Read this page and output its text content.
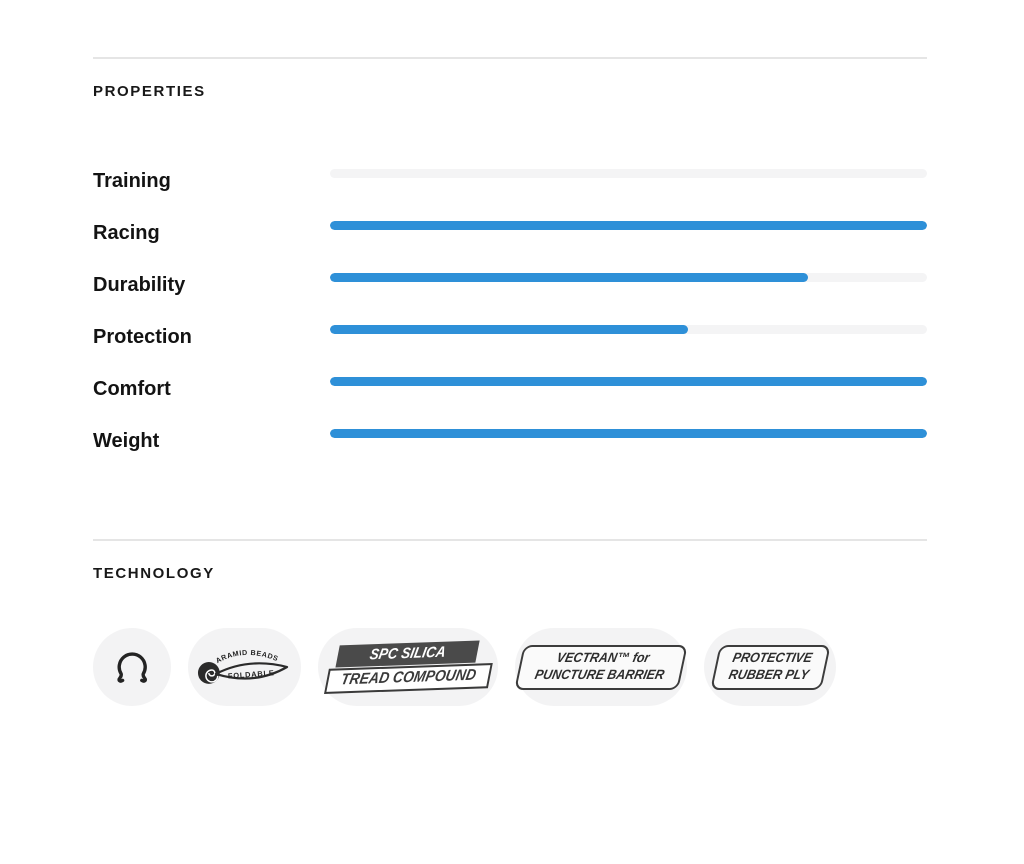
PROPERTIES
Training
Racing
Durability
Protection
Comfort
Weight
TECHNOLOGY
ARAMID BEADS
FOLDABLE
SPC SILICA
TREAD COMPOUND
VECTRAN™ for
PUNCTURE BARRIER
PROTECTIVE
RUBBER PLY
